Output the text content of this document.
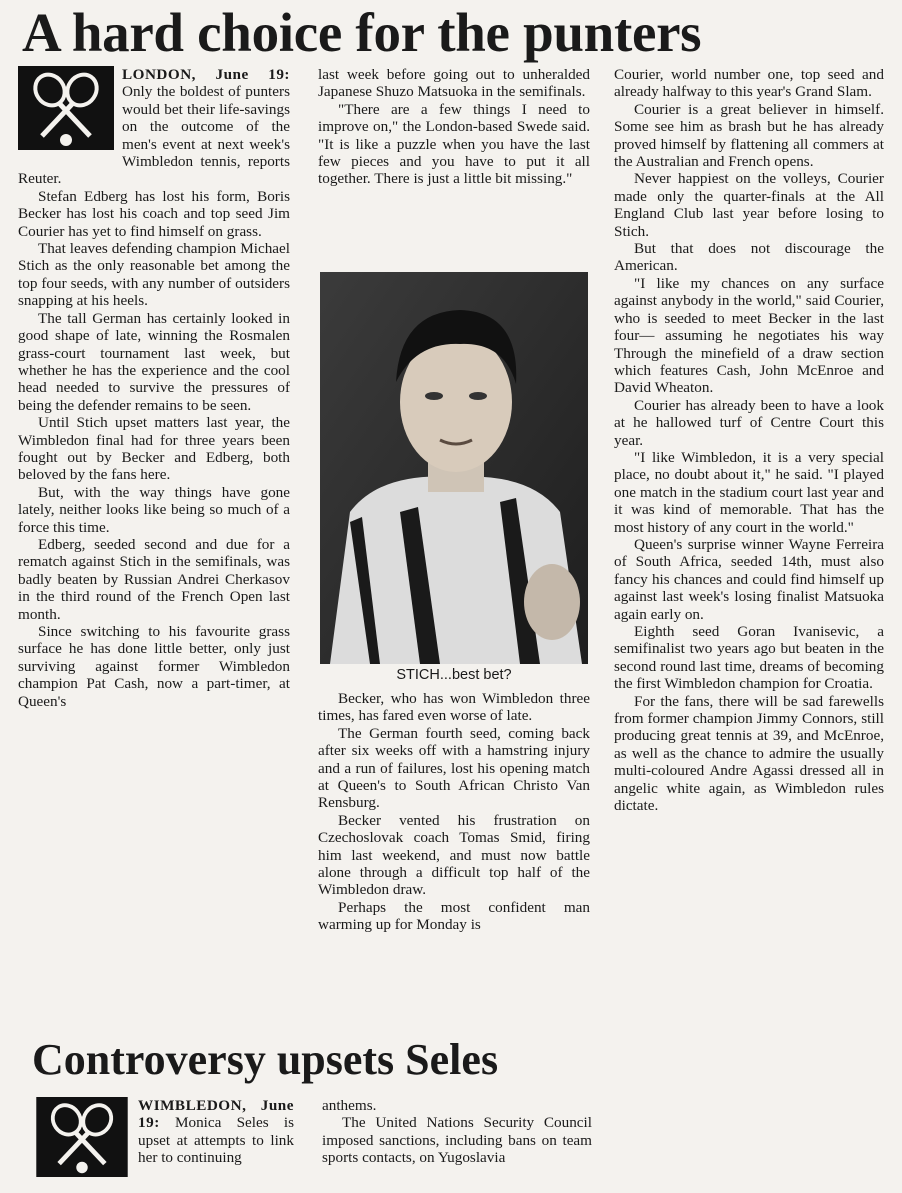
A hard choice for the punters

LONDON, June 19: Only the boldest of punters would bet their life-savings on the outcome of the men's event at next week's Wimbledon tennis, reports Reuter.

Stefan Edberg has lost his form, Boris Becker has lost his coach and top seed Jim Courier has yet to find himself on grass.

That leaves defending champion Michael Stich as the only reasonable bet among the top four seeds, with any number of outsiders snapping at his heels.

The tall German has certainly looked in good shape of late, winning the Rosmalen grass-court tournament last week, but whether he has the experience and the cool head needed to survive the pressures of being the defender remains to be seen.

Until Stich upset matters last year, the Wimbledon final had for three years been fought out by Becker and Edberg, both beloved by the fans here.

But, with the way things have gone lately, neither looks like being so much of a force this time.

Edberg, seeded second and due for a rematch against Stich in the semifinals, was badly beaten by Russian Andrei Cherkasov in the third round of the French Open last month.

Since switching to his favourite grass surface he has done little better, only just surviving against former Wimbledon champion Pat Cash, now a part-timer, at Queen's

last week before going out to unheralded Japanese Shuzo Matsuoka in the semifinals.

"There are a few things I need to improve on," the London-based Swede said. "It is like a puzzle when you have the last few pieces and you have to put it all together. There is just a little bit missing."

STICH...best bet?

Becker, who has won Wimbledon three times, has fared even worse of late.

The German fourth seed, coming back after six weeks off with a hamstring injury and a run of failures, lost his opening match at Queen's to South African Christo Van Rensburg.

Becker vented his frustration on Czechoslovak coach Tomas Smid, firing him last weekend, and must now battle alone through a difficult top half of the Wimbledon draw.

Perhaps the most confident man warming up for Monday is

Courier, world number one, top seed and already halfway to this year's Grand Slam.

Courier is a great believer in himself. Some see him as brash but he has already proved himself by flattening all commers at the Australian and French opens.

Never happiest on the volleys, Courier made only the quarter-finals at the All England Club last year before losing to Stich.

But that does not discourage the American.

"I like my chances on any surface against anybody in the world," said Courier, who is seeded to meet Becker in the last four— assuming he negotiates his way Through the minefield of a draw section which features Cash, John McEnroe and David Wheaton.

Courier has already been to have a look at he hallowed turf of Centre Court this year.

"I like Wimbledon, it is a very special place, no doubt about it," he said. "I played one match in the stadium court last year and it was kind of memorable. That has the most history of any court in the world."

Queen's surprise winner Wayne Ferreira of South Africa, seeded 14th, must also fancy his chances and could find himself up against last week's losing finalist Matsuoka again early on.

Eighth seed Goran Ivanisevic, a semifinalist two years ago but beaten in the second round last time, dreams of becoming the first Wimbledon champion for Croatia.

For the fans, there will be sad farewells from former champion Jimmy Connors, still producing great tennis at 39, and McEnroe, as well as the chance to admire the usually multi-coloured Andre Agassi dressed all in angelic white again, as Wimbledon rules dictate.

Controversy upsets Seles

WIMBLEDON, June 19: Monica Seles is upset at attempts to link her to continuing

anthems.

The United Nations Security Council imposed sanctions, including bans on team sports contacts, on Yugoslavia
